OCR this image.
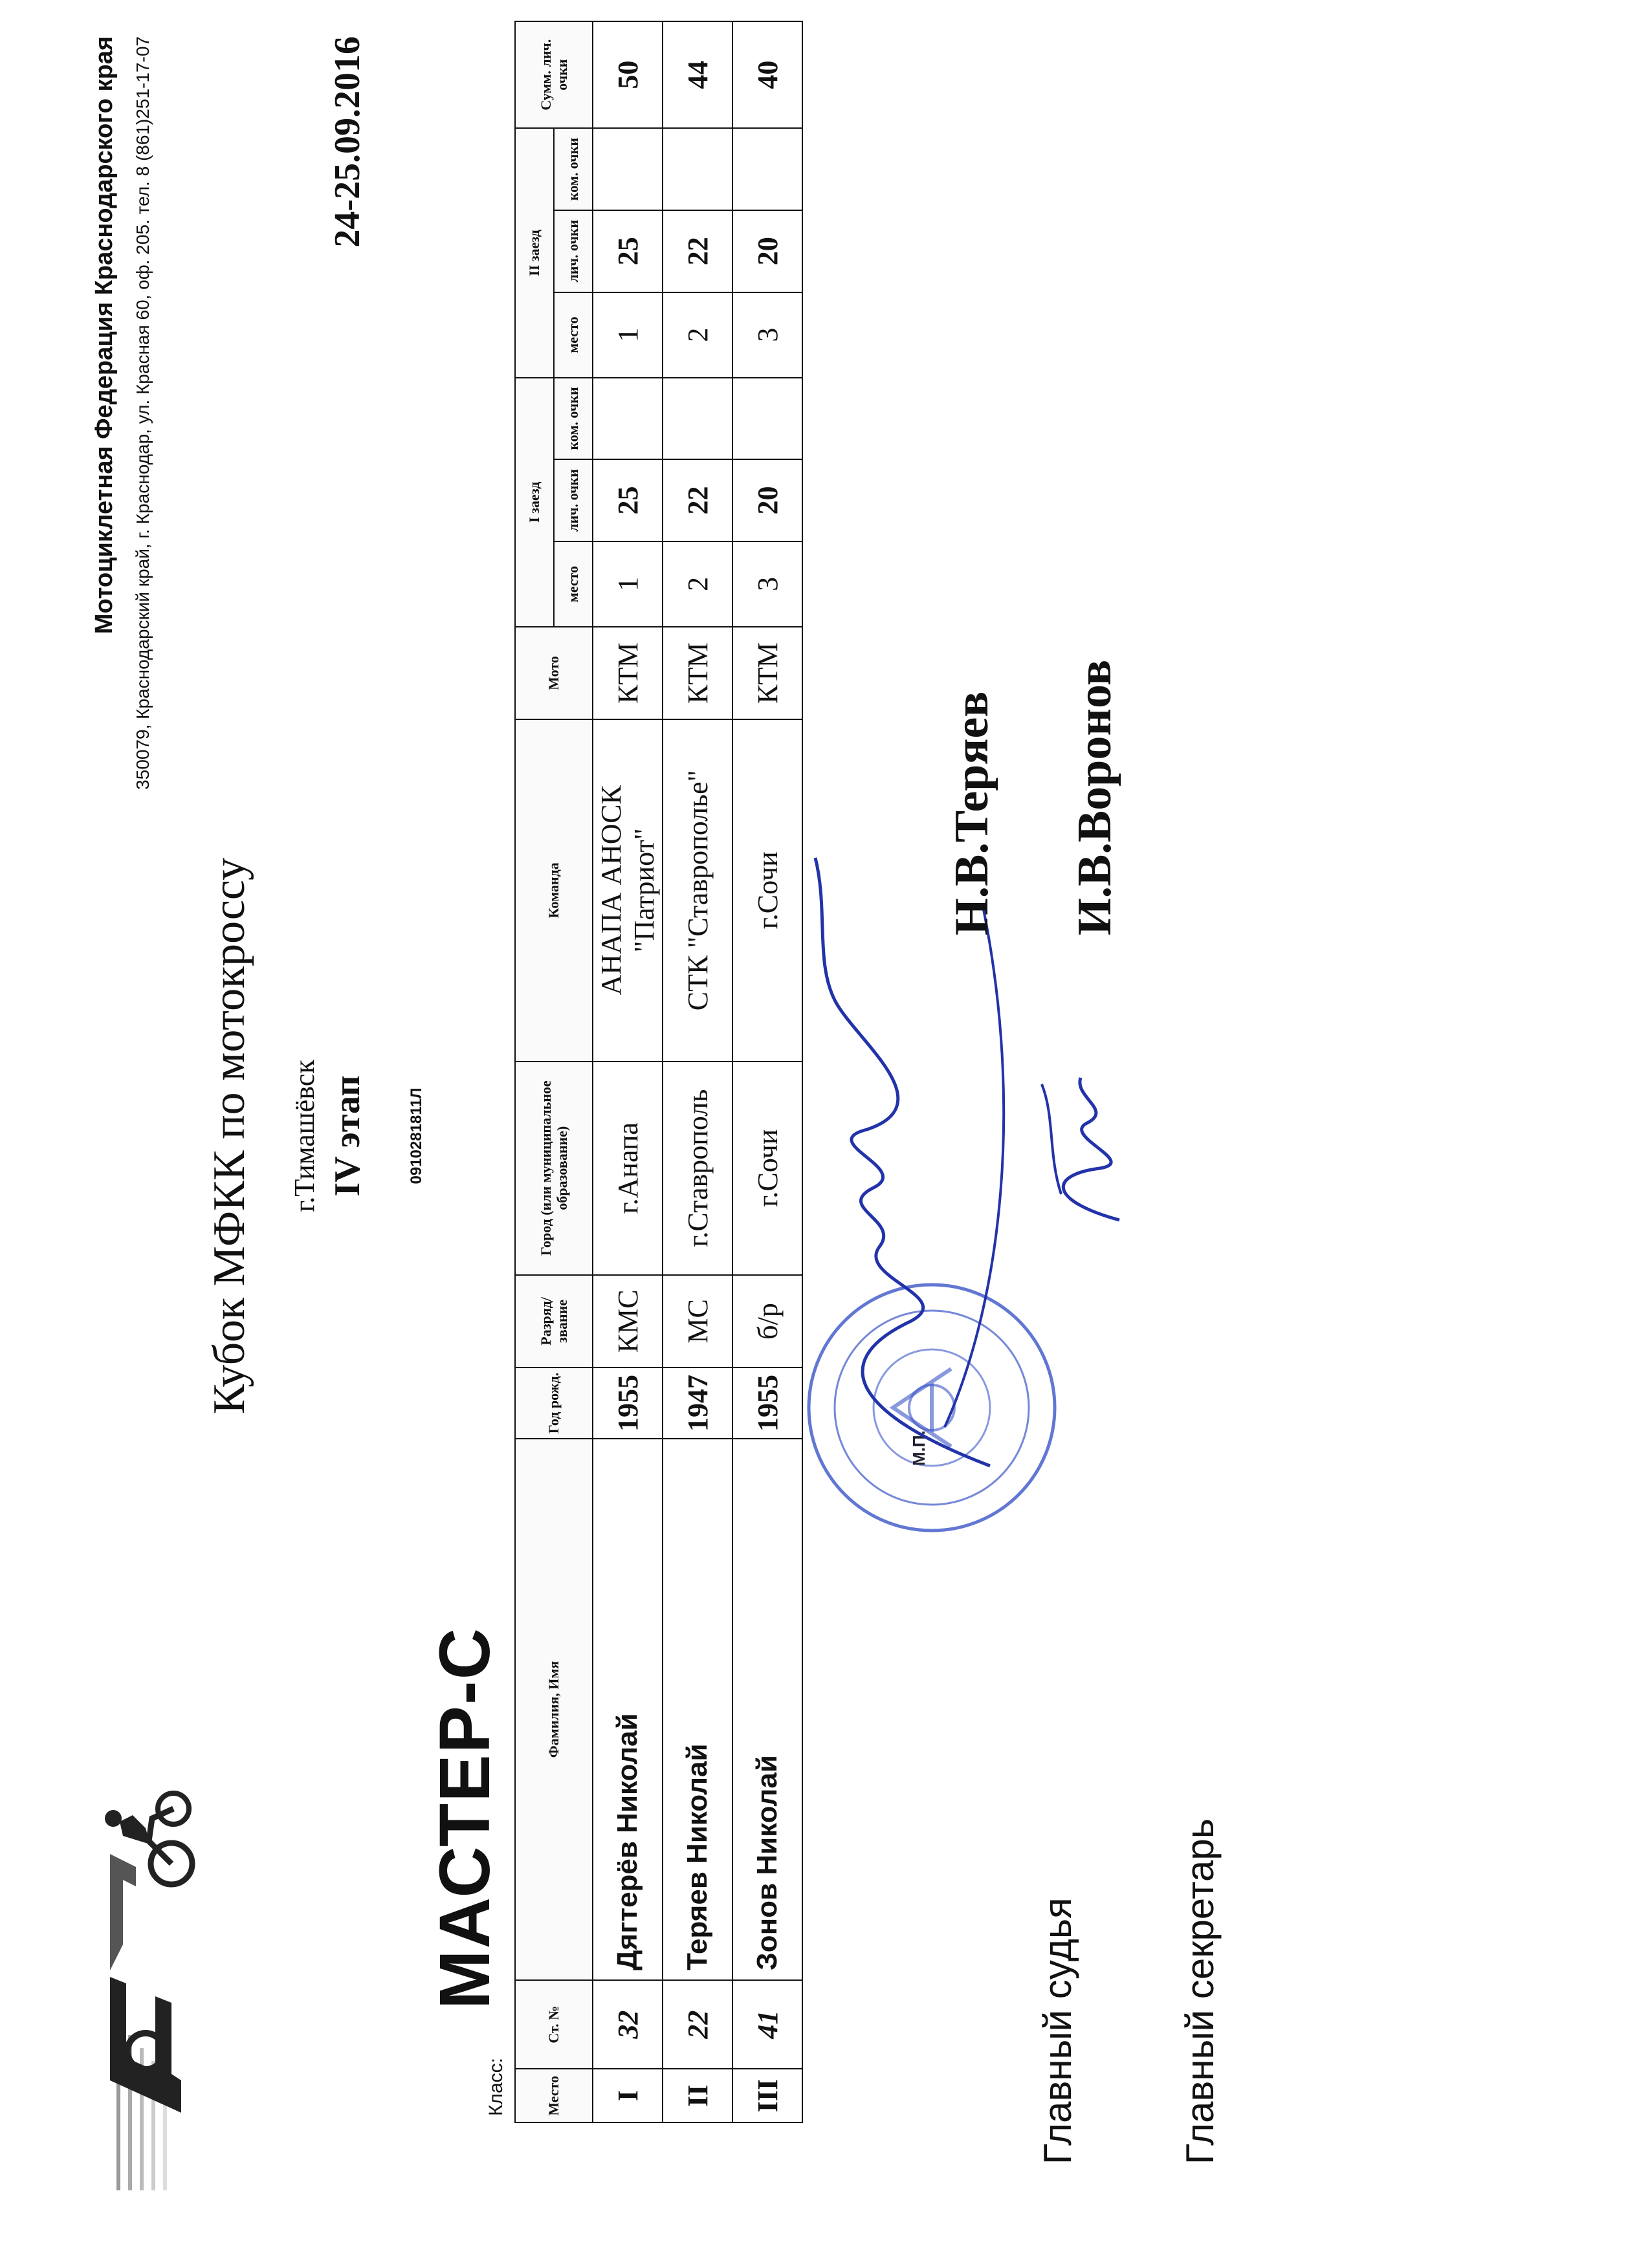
Мотоциклетная Федерация Краснодарского края 350079, Краснодарский край, г. Краснодар, ул. Красная 60, оф. 205. тел. 8 (861)251-17-07
Кубок МФКК по мотокроссу г.Тимашёвск IV этап
24-25.09.2016
0910281811Л
Класс:
МАСТЕР-С
Место	Ст. №	Фамилия, Имя	Год рожд.	Разряд/ звание	Город (или муниципальное образование)	Команда	Мото	I заезд			II заезд			Сумм. лич. очки
								место	лич. очки	ком. очки	место	лич. очки	ком. очки	
I	32	Дягтерёв Николай	1955	КМС	г.Анапа	АНАПА АНОСК "Патриот"	КТМ	1	25		1	25		50
II	22	Теряев Николай	1947	МС	г.Ставрополь	СТК "Ставрополье"	КТМ	2	22		2	22		44
III	41	Зонов Николай	1955	б/р	г.Сочи	г.Сочи	КТМ	3	20		3	20		40
М.П.
Главный судья
Н.В.Теряев
Главный секретарь
И.В.Воронов
